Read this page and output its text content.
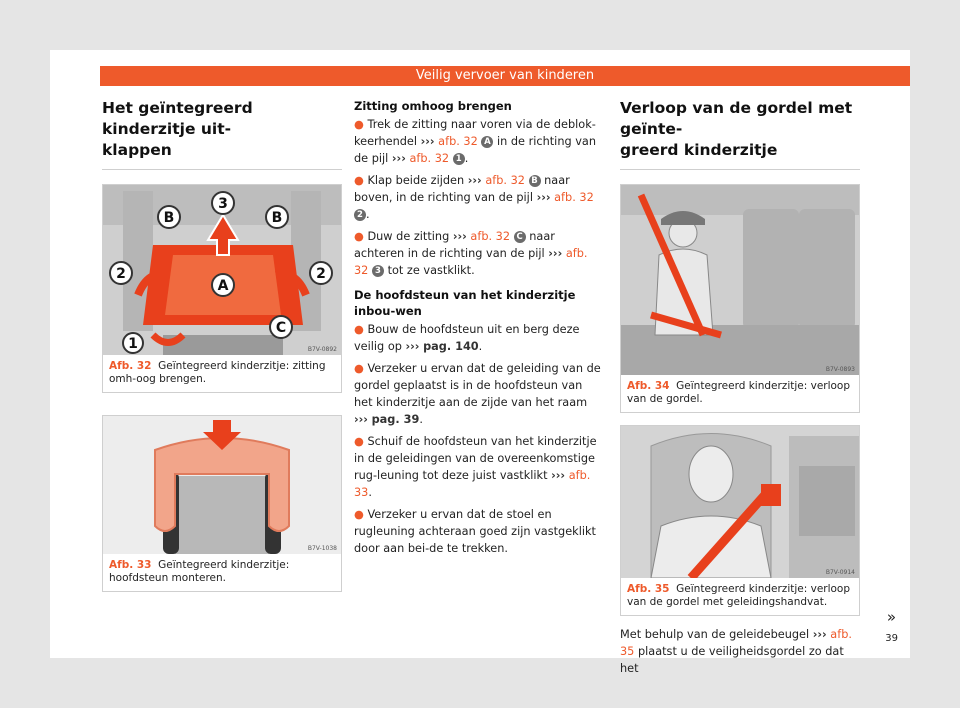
Veilig vervoer van kinderen
Het geïntegreerd kinderzitje uit-
klappen
3
B	B
2	2
A
C
1	B7V-0892
Afb. 32 Geïntegreerd kinderzitje: zitting omh-oog brengen.
B7V-1038
Afb. 33 Geïntegreerd kinderzitje: hoofdsteun monteren.
Zitting omhoog brengen

● Trek de zitting naar voren via de deblok-keerhendel ››› afb. 32 A in de richting van de pijl ››› afb. 32 1 .

● Klap beide zijden ››› afb. 32 B naar boven, in de richting van de pijl ››› afb. 32 2 .

● Duw de zitting ››› afb. 32 C naar achteren in de richting van de pijl ››› afb. 32 3 tot ze vastklikt.

De hoofdsteun van het kinderzitje inbou-wen

● Bouw de hoofdsteun uit en berg deze veilig op ››› pag. 140.

● Verzeker u ervan dat de geleiding van de gordel geplaatst is in de hoofdsteun van het kinderzitje aan de zijde van het raam ››› pag. 39.

● Schuif de hoofdsteun van het kinderzitje in de geleidingen van de overeenkomstige rug-leuning tot deze juist vastklikt ››› afb. 33.

● Verzeker u ervan dat de stoel en rugleuning achteraan goed zijn vastgeklikt door aan bei-de te trekken.

Verloop van de gordel met geïnte-
greerd kinderzitje
B7V-0893
Afb. 34 Geïntegreerd kinderzitje: verloop van de gordel.
B7V-0914
Afb. 35 Geïntegreerd kinderzitje: verloop van de gordel met geleidingshandvat.

Met behulp van de geleidebeugel ››› afb. 35 plaatst u de veiligheidsgordel zo dat het

»
39
